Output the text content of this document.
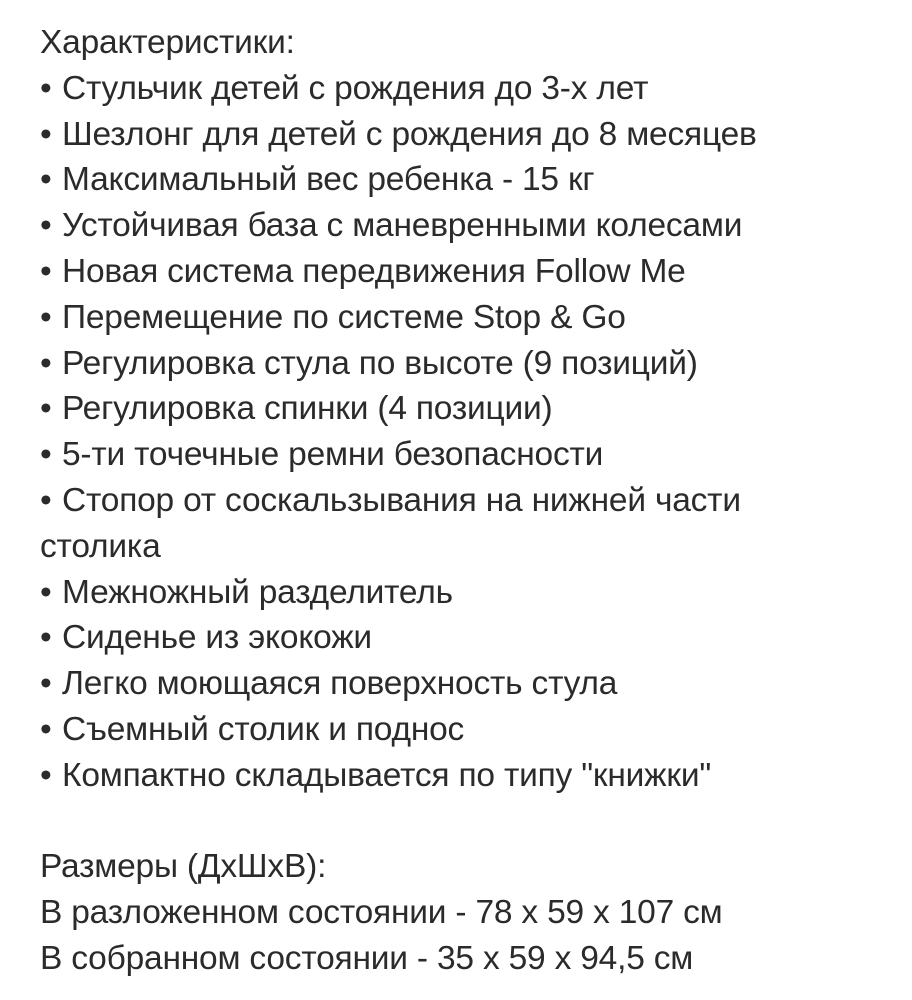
Характеристики:

• Стульчик детей с рождения до 3-х лет

• Шезлонг для детей с рождения до 8 месяцев

• Максимальный вес ребенка - 15 кг

• Устойчивая база с маневренными колесами

• Новая система передвижения Follow Me

• Перемещение по системе Stop & Go

• Регулировка стула по высоте (9 позиций)

• Регулировка спинки (4 позиции)

• 5-ти точечные ремни безопасности

• Стопор от соскальзывания на нижней части

столика

• Межножный разделитель

• Сиденье из экокожи

• Легко моющаяся поверхность стула

• Съемный столик и поднос

• Компактно складывается по типу "книжки"

Размеры (ДхШхВ):

В разложенном состоянии - 78 х 59 х 107 см

В собранном состоянии - 35 х 59 х 94,5 см
